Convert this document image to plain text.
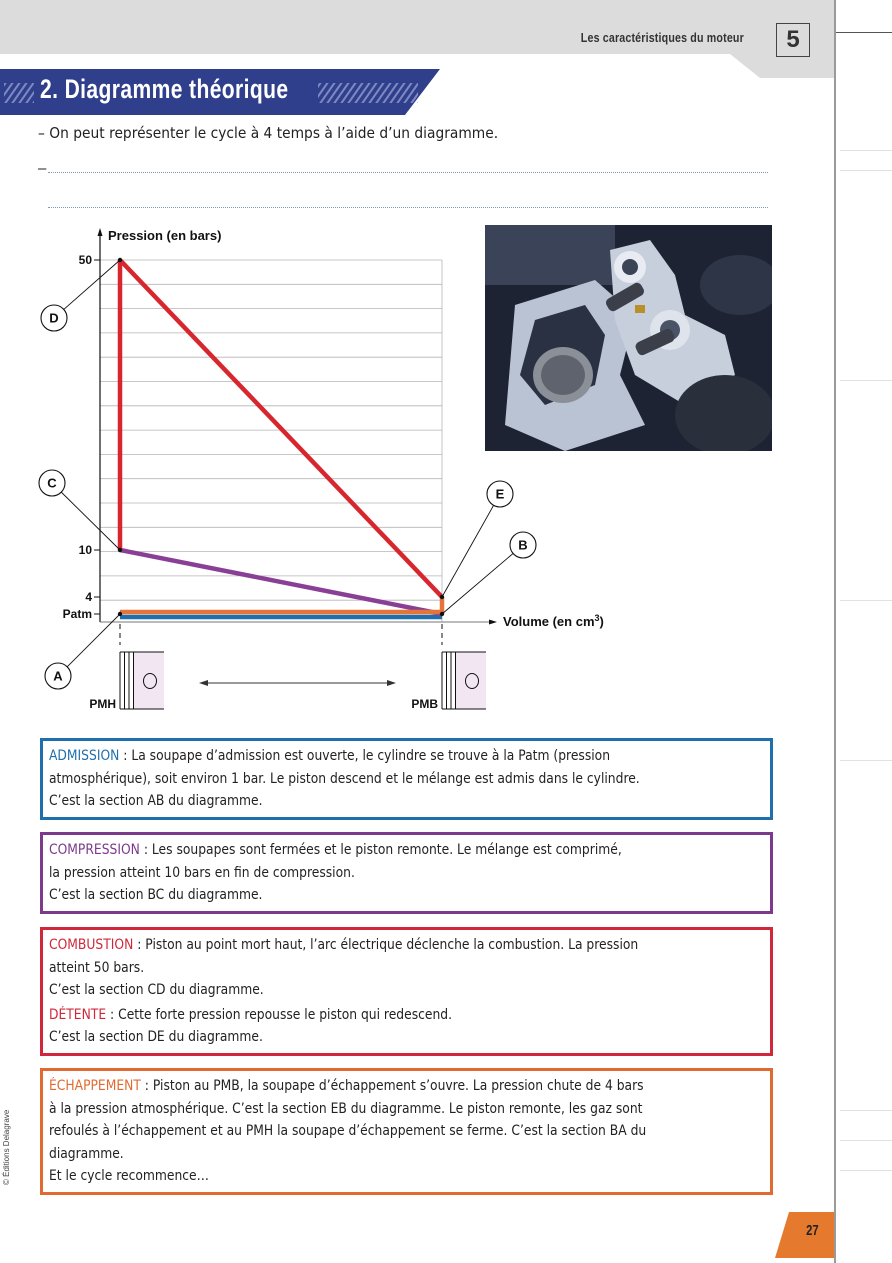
Les caractéristiques du moteur	5
2. Diagramme théorique
– On peut représenter le cycle à 4 temps à l’aide d’un diagramme.
–
Pression (en bars)
Volume (en $cm^3$)
50
10
4
Patm
A
B
C
D
E
PMH	PMB

ADMISSION : La soupape d’admission est ouverte, le cylindre se trouve à la Patm (pression

atmosphérique), soit environ 1 bar. Le piston descend et le mélange est admis dans le cylindre.

C’est la section AB du diagramme.

COMPRESSION : Les soupapes sont fermées et le piston remonte. Le mélange est comprimé,

la pression atteint 10 bars en fin de compression.

C’est la section BC du diagramme.

COMBUSTION : Piston au point mort haut, l’arc électrique déclenche la combustion. La pression

atteint 50 bars.

C’est la section CD du diagramme.

DÉTENTE : Cette forte pression repousse le piston qui redescend.

C’est la section DE du diagramme.

ÉCHAPPEMENT : Piston au PMB, la soupape d’échappement s’ouvre. La pression chute de 4 bars

à la pression atmosphérique. C’est la section EB du diagramme. Le piston remonte, les gaz sont

refoulés à l’échappement et au PMH la soupape d’échappement se ferme. C’est la section BA du

diagramme.

Et le cycle recommence…

© Éditions Delagrave
27
